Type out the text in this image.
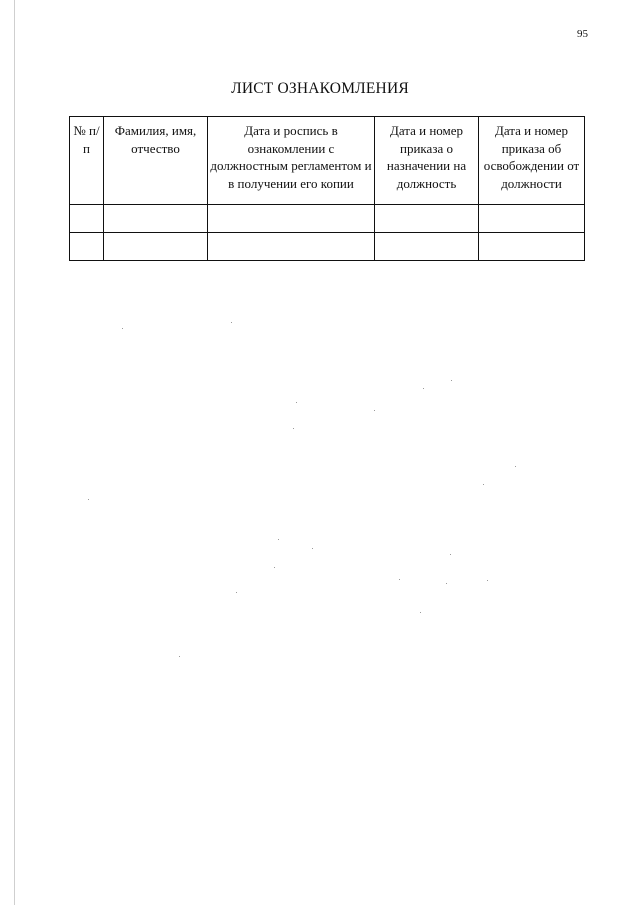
95
ЛИСТ ОЗНАКОМЛЕНИЯ
№ п/п	Фамилия, имя, отчество	Дата и роспись в ознакомлении с должностным регламентом и в получении его копии	Дата и номер приказа о назначении на должность	Дата и номер приказа об освобождении от должности
